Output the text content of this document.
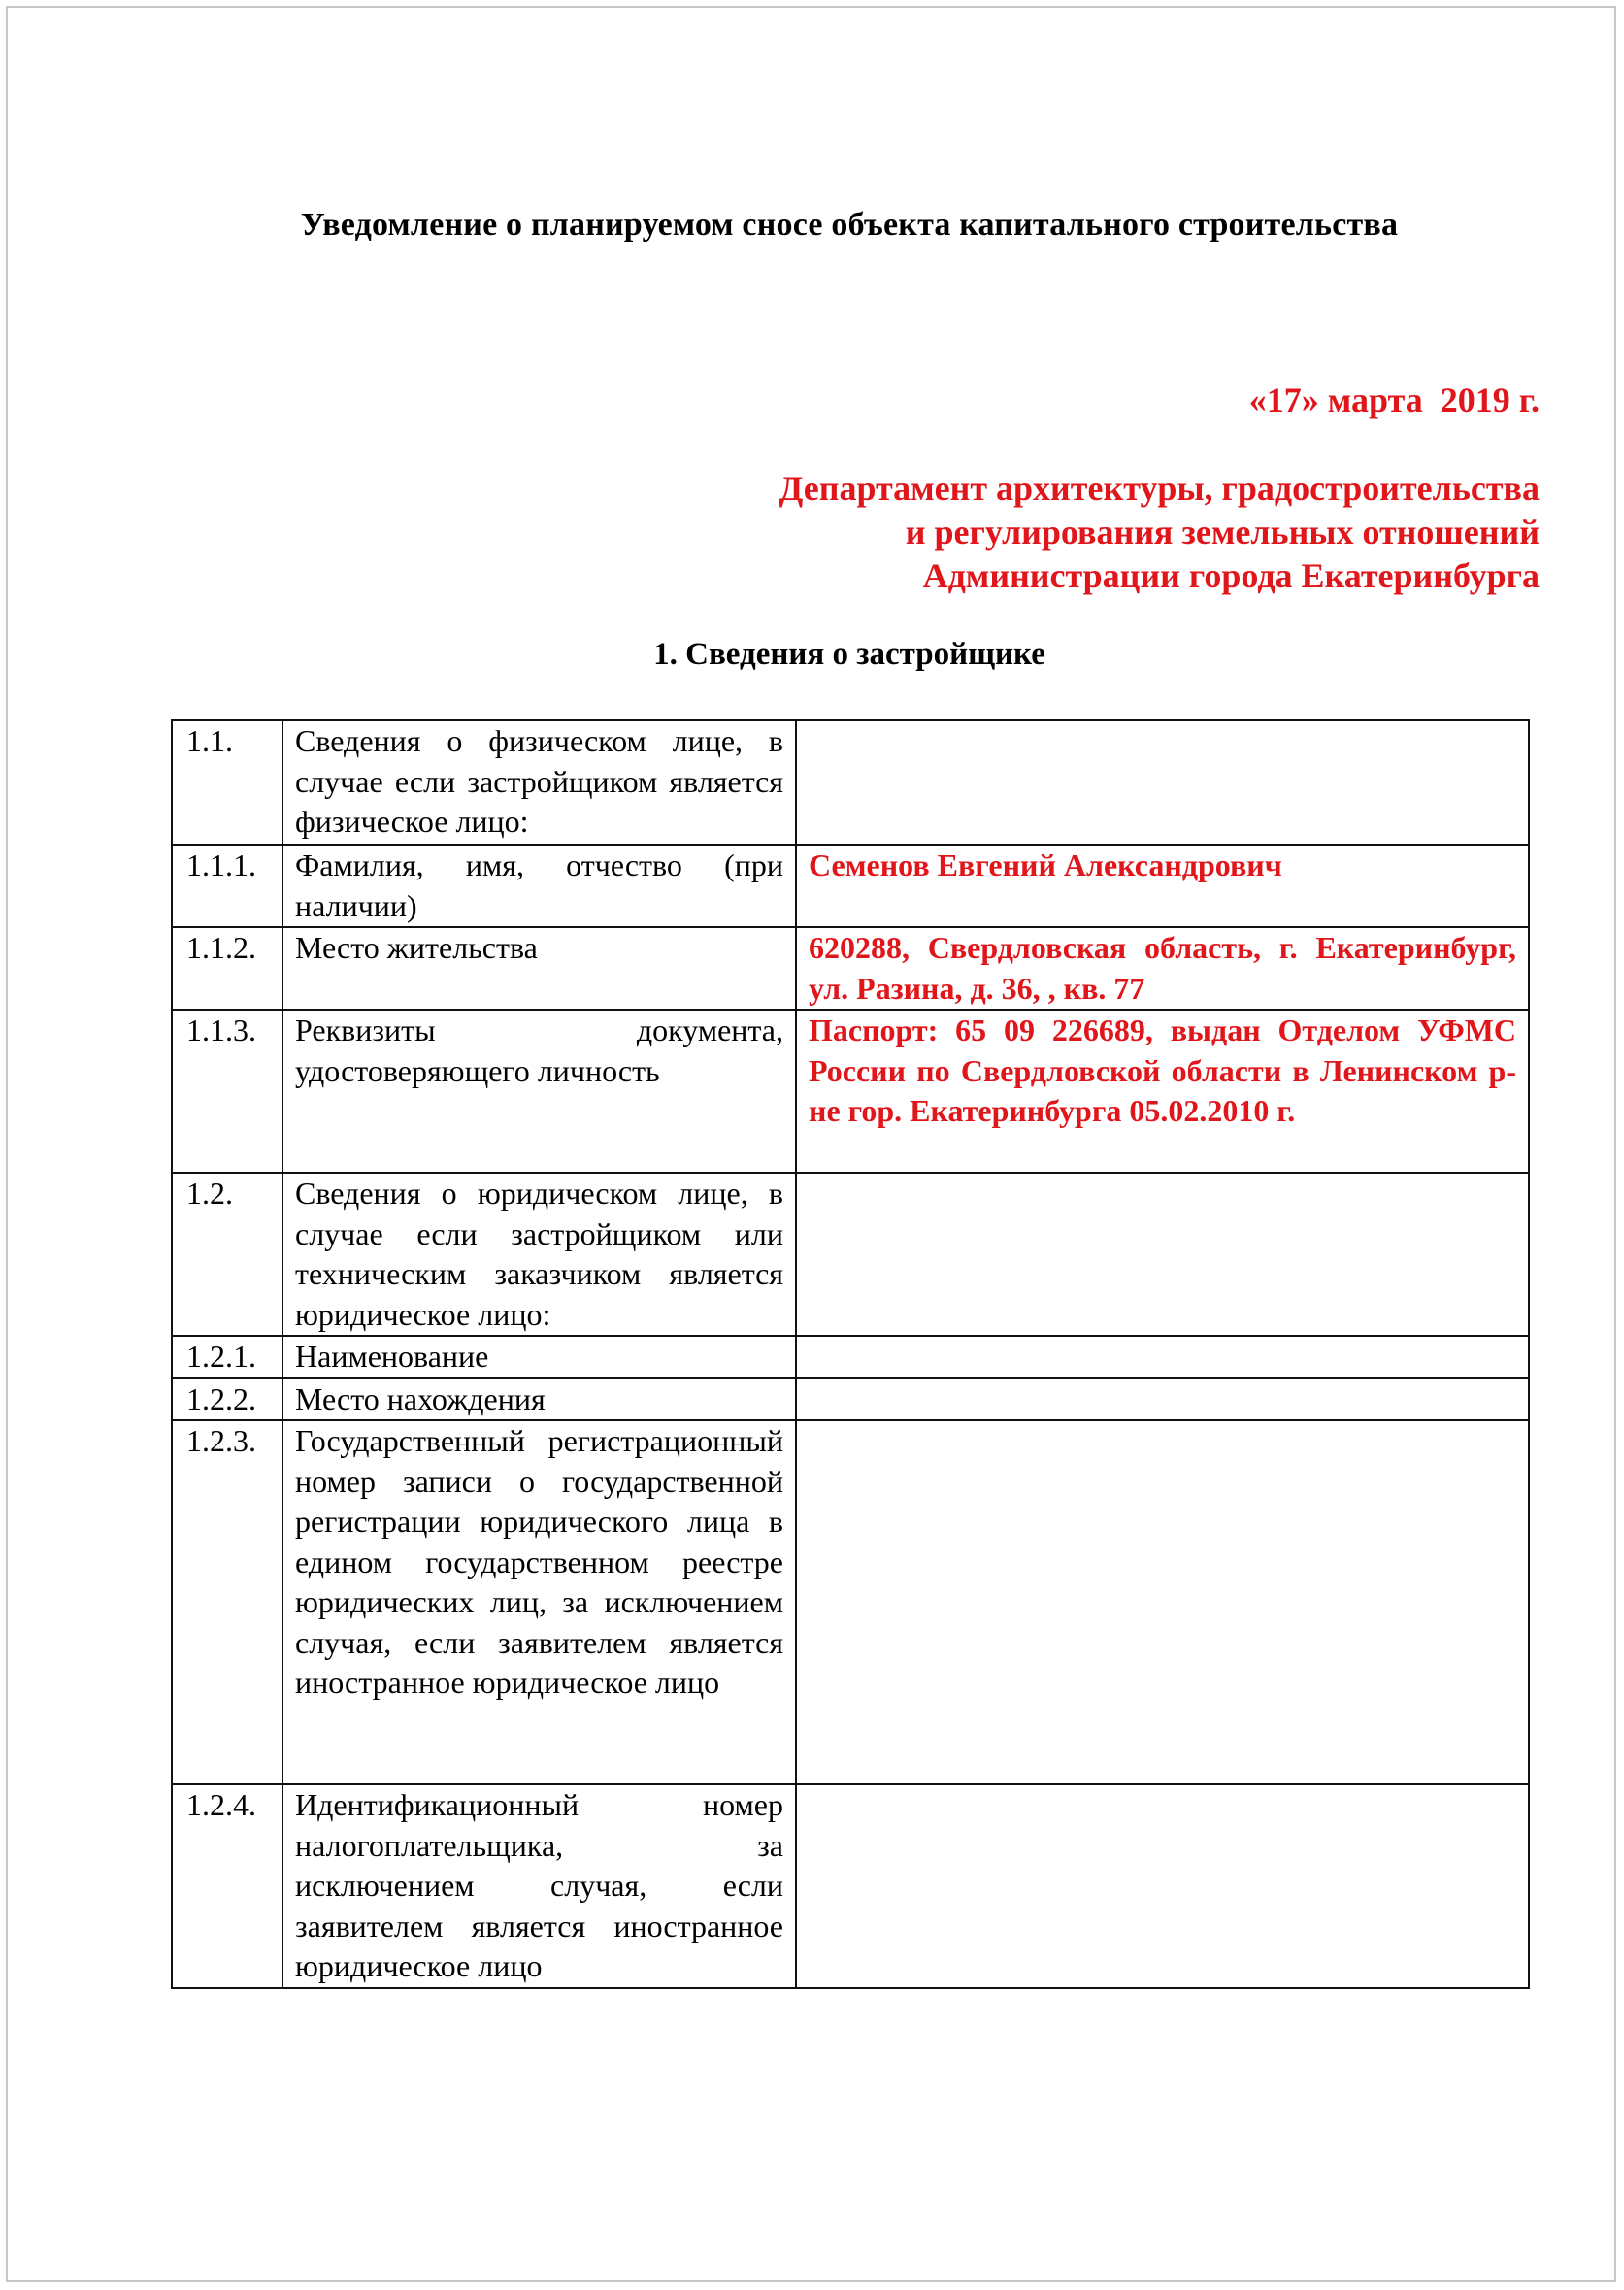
Уведомление о планируемом сносе объекта капитального строительства
«17» марта  2019 г.
Департамент архитектуры, градостроительства
и регулирования земельных отношений
Администрации города Екатеринбурга
1. Сведения о застройщике
1.1.	Сведения о физическом лице, в случае если застройщиком является физическое лицо:	
1.1.1.	Фамилия, имя, отчество (при наличии)	Семенов Евгений Александрович
1.1.2.	Место жительства	620288, Свердловская область, г. Екатеринбург, ул. Разина, д. 36, , кв. 77
1.1.3.	Реквизиты документа, удостоверяющего личность	Паспорт: 65 09 226689, выдан Отделом УФМС России по Свердловской области в Ленинском р-не гор. Екатеринбурга 05.02.2010 г.
1.2.	Сведения о юридическом лице, в случае если застройщиком или техническим заказчиком является юридическое лицо:	
1.2.1.	Наименование	
1.2.2.	Место нахождения	
1.2.3.	Государственный регистрационный номер записи о государственной регистрации юридического лица в едином государственном реестре юридических лиц, за исключением случая, если заявителем является иностранное юридическое лицо	
1.2.4.	Идентификационный номер налогоплательщика, за исключением случая, если заявителем является иностранное юридическое лицо	
